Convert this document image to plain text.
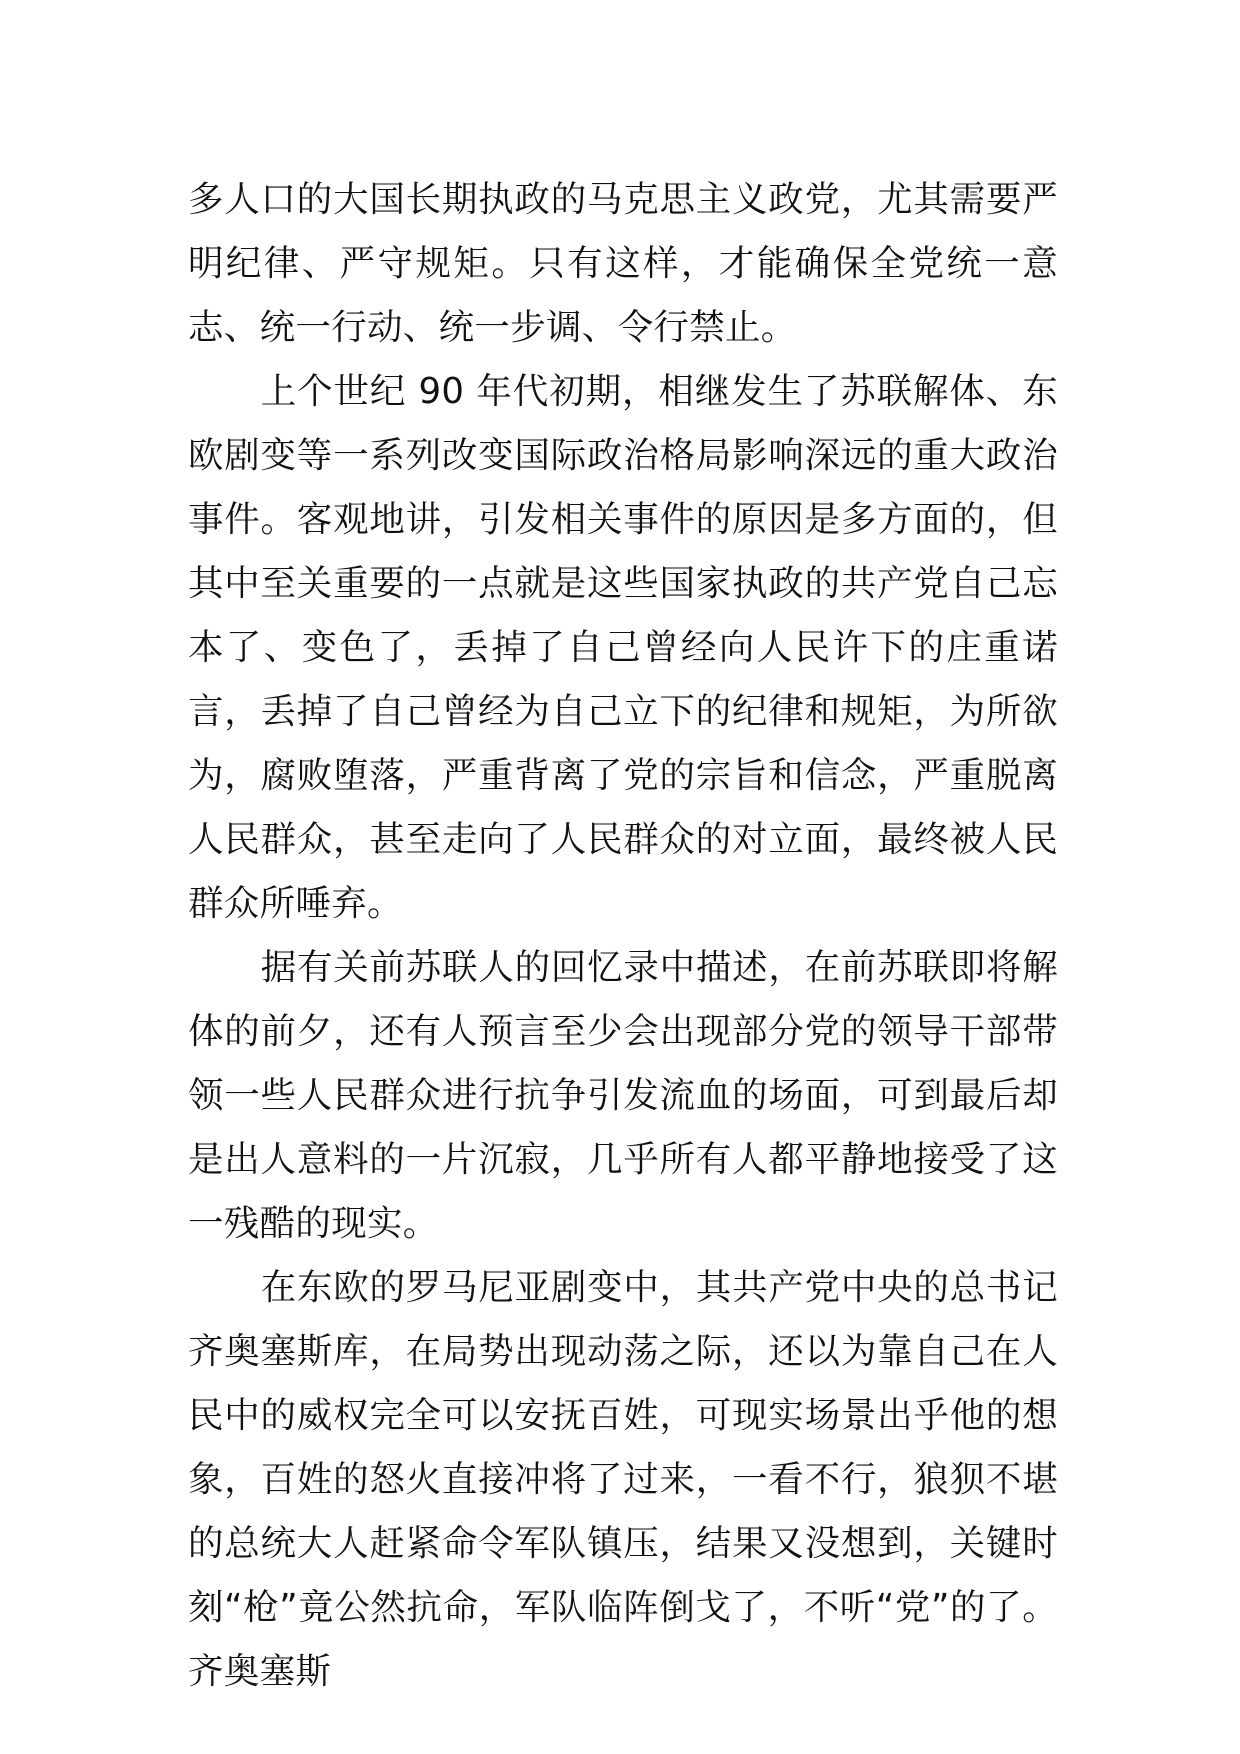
多人口的大国长期执政的马克思主义政党，尤其需要严明纪律、严守规矩。只有这样，才能确保全党统一意志、统一行动、统一步调、令行禁止。

上个世纪 90 年代初期，相继发生了苏联解体、东欧剧变等一系列改变国际政治格局影响深远的重大政治事件。客观地讲，引发相关事件的原因是多方面的，但其中至关重要的一点就是这些国家执政的共产党自己忘本了、变色了，丢掉了自己曾经向人民许下的庄重诺言，丢掉了自己曾经为自己立下的纪律和规矩，为所欲为，腐败堕落，严重背离了党的宗旨和信念，严重脱离人民群众，甚至走向了人民群众的对立面，最终被人民群众所唾弃。

据有关前苏联人的回忆录中描述，在前苏联即将解体的前夕，还有人预言至少会出现部分党的领导干部带领一些人民群众进行抗争引发流血的场面，可到最后却是出人意料的一片沉寂，几乎所有人都平静地接受了这一残酷的现实。

在东欧的罗马尼亚剧变中，其共产党中央的总书记齐奥塞斯库，在局势出现动荡之际，还以为靠自己在人民中的威权完全可以安抚百姓，可现实场景出乎他的想象，百姓的怒火直接冲将了过来，一看不行，狼狈不堪的总统大人赶紧命令军队镇压，结果又没想到，关键时刻“枪”竟公然抗命，军队临阵倒戈了，不听“党”的了。齐奥塞斯
